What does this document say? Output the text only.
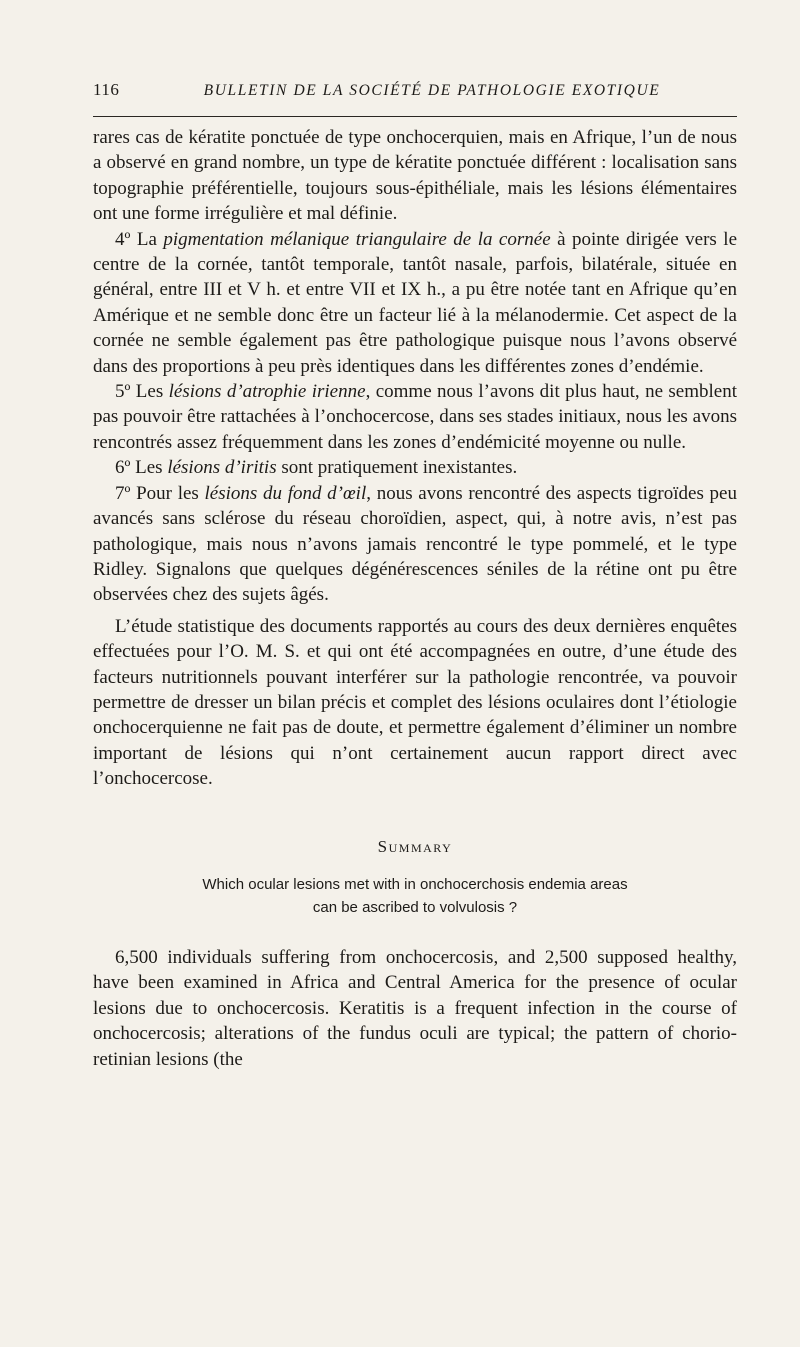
116	BULLETIN DE LA SOCIÉTÉ DE PATHOLOGIE EXOTIQUE

rares cas de kératite ponctuée de type onchocerquien, mais en Afrique, l’un de nous a observé en grand nombre, un type de kératite ponctuée différent : localisation sans topographie préférentielle, toujours sous-épithéliale, mais les lésions élémentaires ont une forme irrégulière et mal définie.

4º La pigmentation mélanique triangulaire de la cornée à pointe dirigée vers le centre de la cornée, tantôt temporale, tantôt nasale, parfois, bilatérale, située en général, entre III et V h. et entre VII et IX h., a pu être notée tant en Afrique qu’en Amérique et ne semble donc être un facteur lié à la mélanodermie. Cet aspect de la cornée ne semble également pas être pathologique puisque nous l’avons observé dans des proportions à peu près identiques dans les différentes zones d’endémie.

5º Les lésions d’atrophie irienne, comme nous l’avons dit plus haut, ne semblent pas pouvoir être rattachées à l’onchocercose, dans ses stades initiaux, nous les avons rencontrés assez fréquemment dans les zones d’endémicité moyenne ou nulle.

6º Les lésions d’iritis sont pratiquement inexistantes.

7º Pour les lésions du fond d’œil, nous avons rencontré des aspects tigroïdes peu avancés sans sclérose du réseau choroïdien, aspect, qui, à notre avis, n’est pas pathologique, mais nous n’avons jamais rencontré le type pommelé, et le type Ridley. Signalons que quelques dégénérescences séniles de la rétine ont pu être observées chez des sujets âgés.

L’étude statistique des documents rapportés au cours des deux dernières enquêtes effectuées pour l’O. M. S. et qui ont été accompagnées en outre, d’une étude des facteurs nutritionnels pouvant interférer sur la pathologie rencontrée, va pouvoir permettre de dresser un bilan précis et complet des lésions oculaires dont l’étiologie onchocerquienne ne fait pas de doute, et permettre également d’éliminer un nombre important de lésions qui n’ont certainement aucun rapport direct avec l’onchocercose.

Summary
Which ocular lesions met with in onchocerchosis endemia areas
can be ascribed to volvulosis ?

6,500 individuals suffering from onchocercosis, and 2,500 supposed healthy, have been examined in Africa and Central America for the presence of ocular lesions due to onchocercosis. Keratitis is a frequent infection in the course of onchocercosis; alterations of the fundus oculi are typical; the pattern of chorio-retinian lesions (the
